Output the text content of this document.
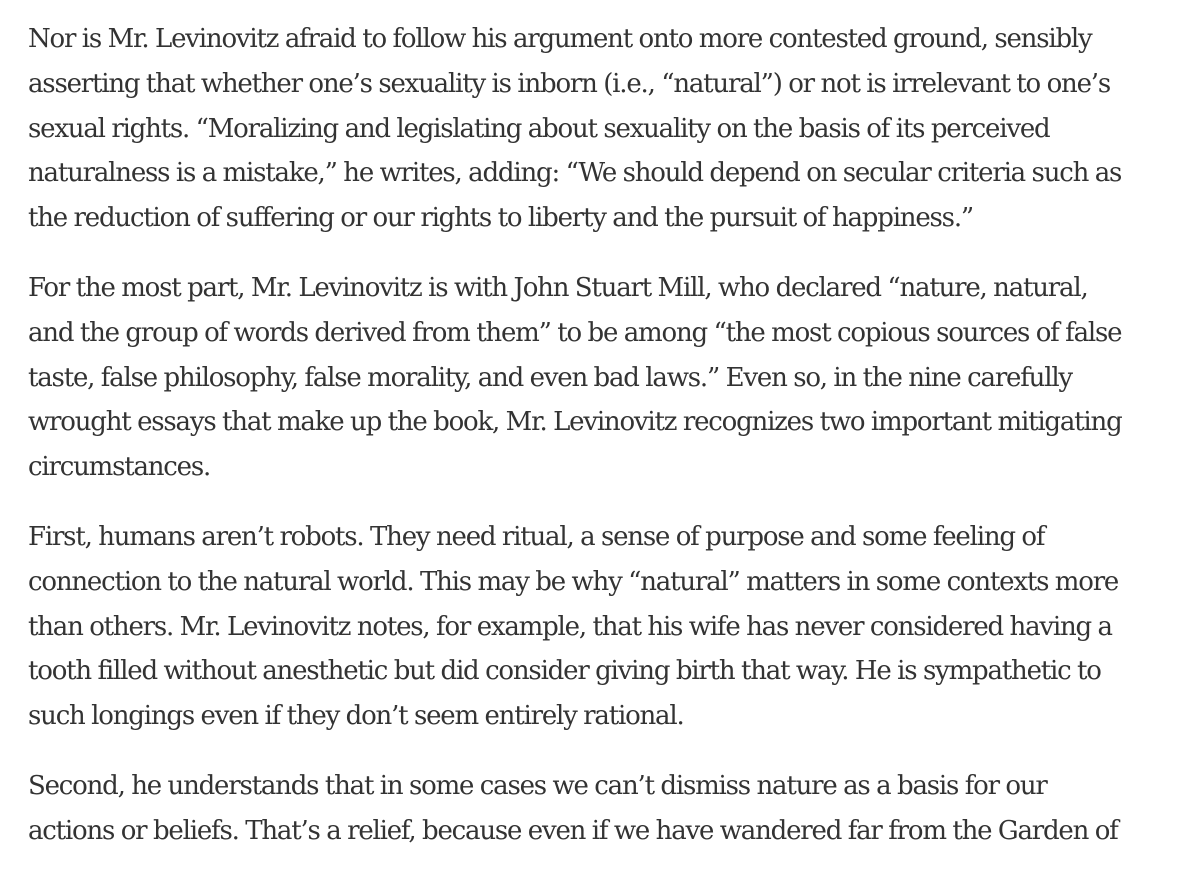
Nor is Mr. Levinovitz afraid to follow his argument onto more contested ground, sensibly
asserting that whether one’s sexuality is inborn (i.e., “natural”) or not is irrelevant to one’s
sexual rights. “Moralizing and legislating about sexuality on the basis of its perceived
naturalness is a mistake,” he writes, adding: “We should depend on secular criteria such as
the reduction of suffering or our rights to liberty and the pursuit of happiness.”

For the most part, Mr. Levinovitz is with John Stuart Mill, who declared “nature, natural,
and the group of words derived from them” to be among “the most copious sources of false
taste, false philosophy, false morality, and even bad laws.” Even so, in the nine carefully
wrought essays that make up the book, Mr. Levinovitz recognizes two important mitigating
circumstances.

First, humans aren’t robots. They need ritual, a sense of purpose and some feeling of
connection to the natural world. This may be why “natural” matters in some contexts more
than others. Mr. Levinovitz notes, for example, that his wife has never considered having a
tooth filled without anesthetic but did consider giving birth that way. He is sympathetic to
such longings even if they don’t seem entirely rational.

Second, he understands that in some cases we can’t dismiss nature as a basis for our
actions or beliefs. That’s a relief, because even if we have wandered far from the Garden of
